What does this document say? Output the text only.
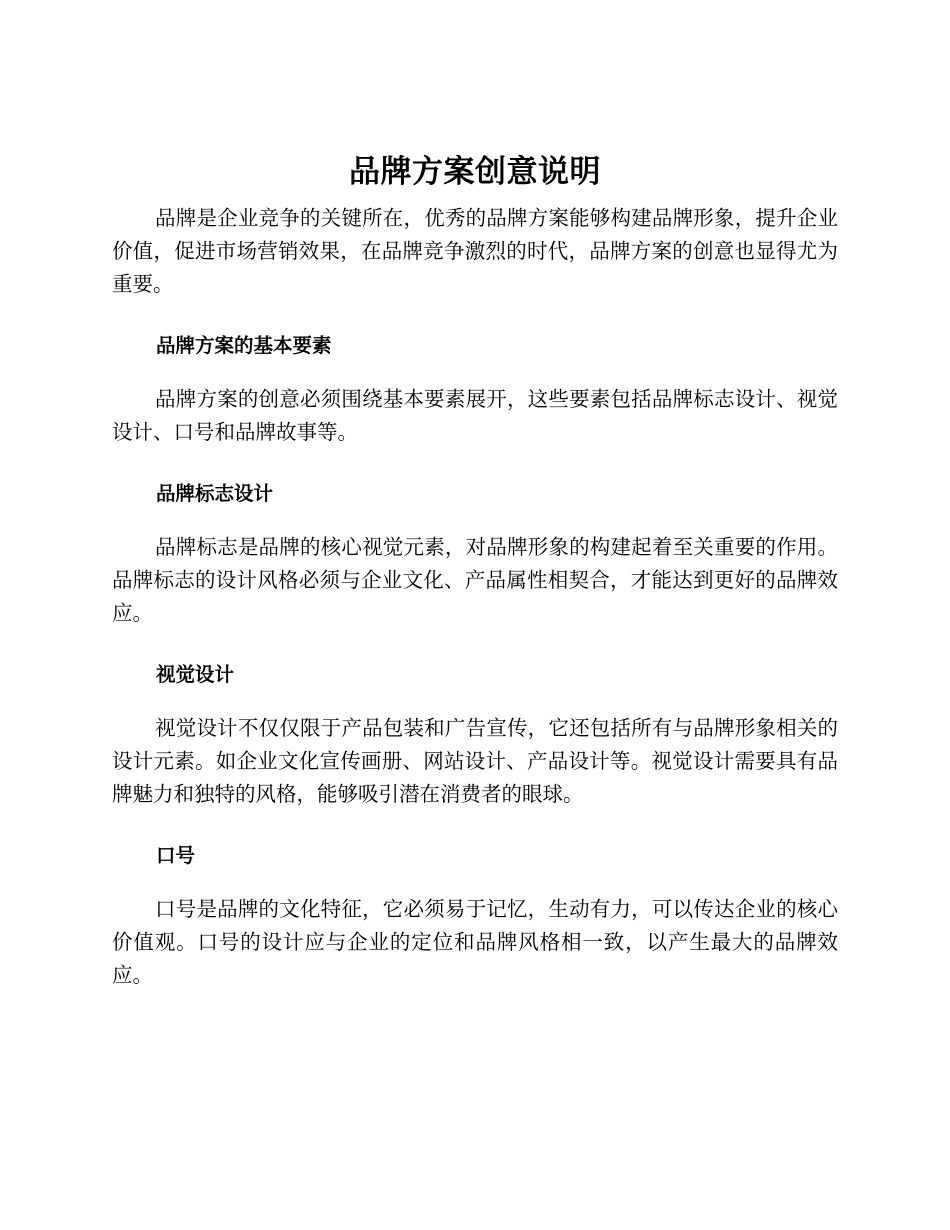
品牌方案创意说明

品牌是企业竞争的关键所在，优秀的品牌方案能够构建品牌形象，提升企业价值，促进市场营销效果，在品牌竞争激烈的时代，品牌方案的创意也显得尤为重要。

品牌方案的基本要素

品牌方案的创意必须围绕基本要素展开，这些要素包括品牌标志设计、视觉设计、口号和品牌故事等。

品牌标志设计

品牌标志是品牌的核心视觉元素，对品牌形象的构建起着至关重要的作用。品牌标志的设计风格必须与企业文化、产品属性相契合，才能达到更好的品牌效应。

视觉设计

视觉设计不仅仅限于产品包装和广告宣传，它还包括所有与品牌形象相关的设计元素。如企业文化宣传画册、网站设计、产品设计等。视觉设计需要具有品牌魅力和独特的风格，能够吸引潜在消费者的眼球。

口号

口号是品牌的文化特征，它必须易于记忆，生动有力，可以传达企业的核心价值观。口号的设计应与企业的定位和品牌风格相一致，以产生最大的品牌效应。
